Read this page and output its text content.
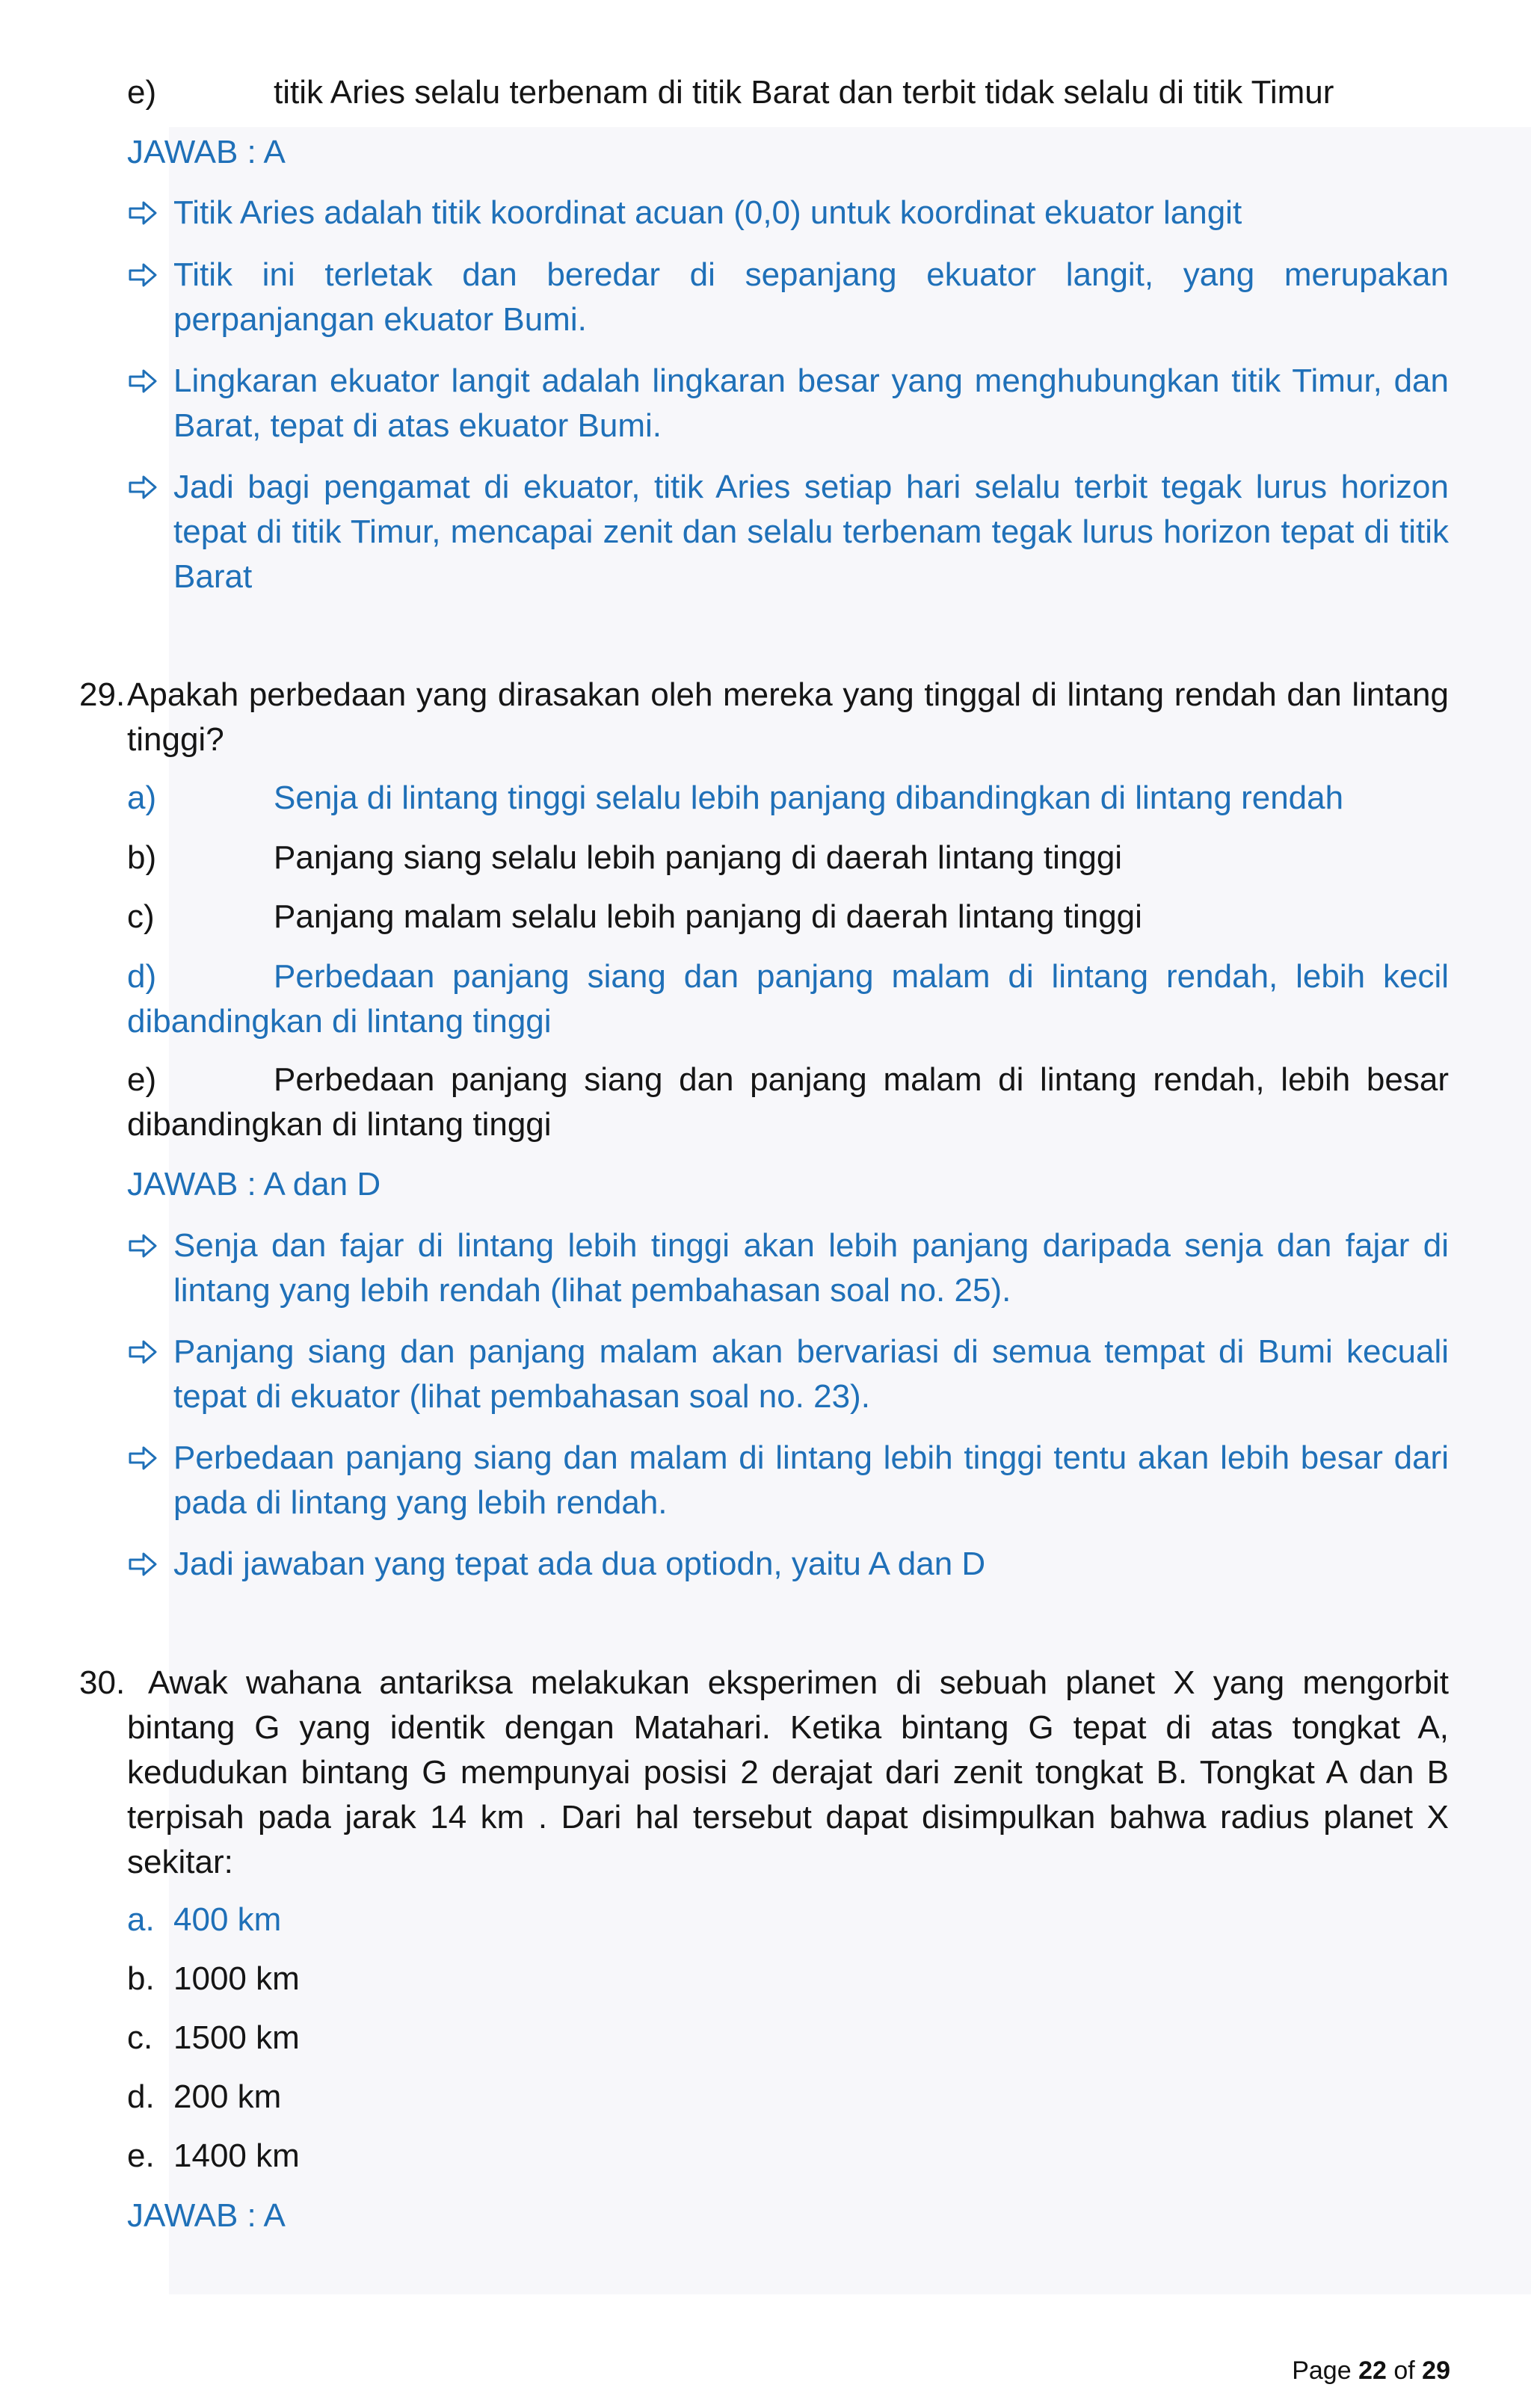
e)	titik Aries selalu terbenam di titik Barat dan terbit tidak selalu di titik Timur
JAWAB : A
Titik Aries adalah titik koordinat acuan (0,0) untuk koordinat ekuator langit
Titik ini terletak dan beredar di sepanjang ekuator langit, yang merupakan perpanjangan ekuator Bumi.
Lingkaran ekuator langit adalah lingkaran besar yang menghubungkan titik Timur, dan Barat, tepat di atas ekuator Bumi.
Jadi bagi pengamat di ekuator, titik Aries setiap hari selalu terbit tegak lurus horizon tepat di titik Timur, mencapai zenit dan selalu terbenam tegak lurus horizon tepat di titik Barat
29. Apakah perbedaan yang dirasakan oleh mereka yang tinggal di lintang rendah dan lintang tinggi?
a)	Senja di lintang tinggi selalu lebih panjang dibandingkan di lintang rendah
b)	Panjang siang selalu lebih panjang di daerah lintang tinggi
c)	Panjang malam selalu lebih panjang di daerah lintang tinggi
d)	Perbedaan panjang siang dan panjang malam di lintang rendah, lebih kecil dibandingkan di lintang tinggi
e)	Perbedaan panjang siang dan panjang malam di lintang rendah, lebih besar dibandingkan di lintang tinggi
JAWAB : A dan D
Senja dan fajar di lintang lebih tinggi akan lebih panjang daripada senja dan fajar di lintang yang lebih rendah (lihat pembahasan soal no. 25).
Panjang siang dan panjang malam akan bervariasi di semua tempat di Bumi kecuali tepat di ekuator (lihat pembahasan soal no. 23).
Perbedaan panjang siang dan malam di lintang lebih tinggi tentu akan lebih besar dari pada di lintang yang lebih rendah.
Jadi jawaban yang tepat ada dua optiodn, yaitu A dan D
30. Awak wahana antariksa melakukan eksperimen di sebuah planet X yang mengorbit bintang G yang identik dengan Matahari. Ketika bintang G tepat di atas tongkat A, kedudukan bintang G mempunyai posisi 2 derajat dari zenit tongkat B. Tongkat A dan B terpisah pada jarak 14 km . Dari hal tersebut dapat disimpulkan bahwa radius planet X sekitar:
a. 400 km
b. 1000 km
c. 1500 km
d. 200 km
e. 1400 km
JAWAB : A
Page 22 of 29
